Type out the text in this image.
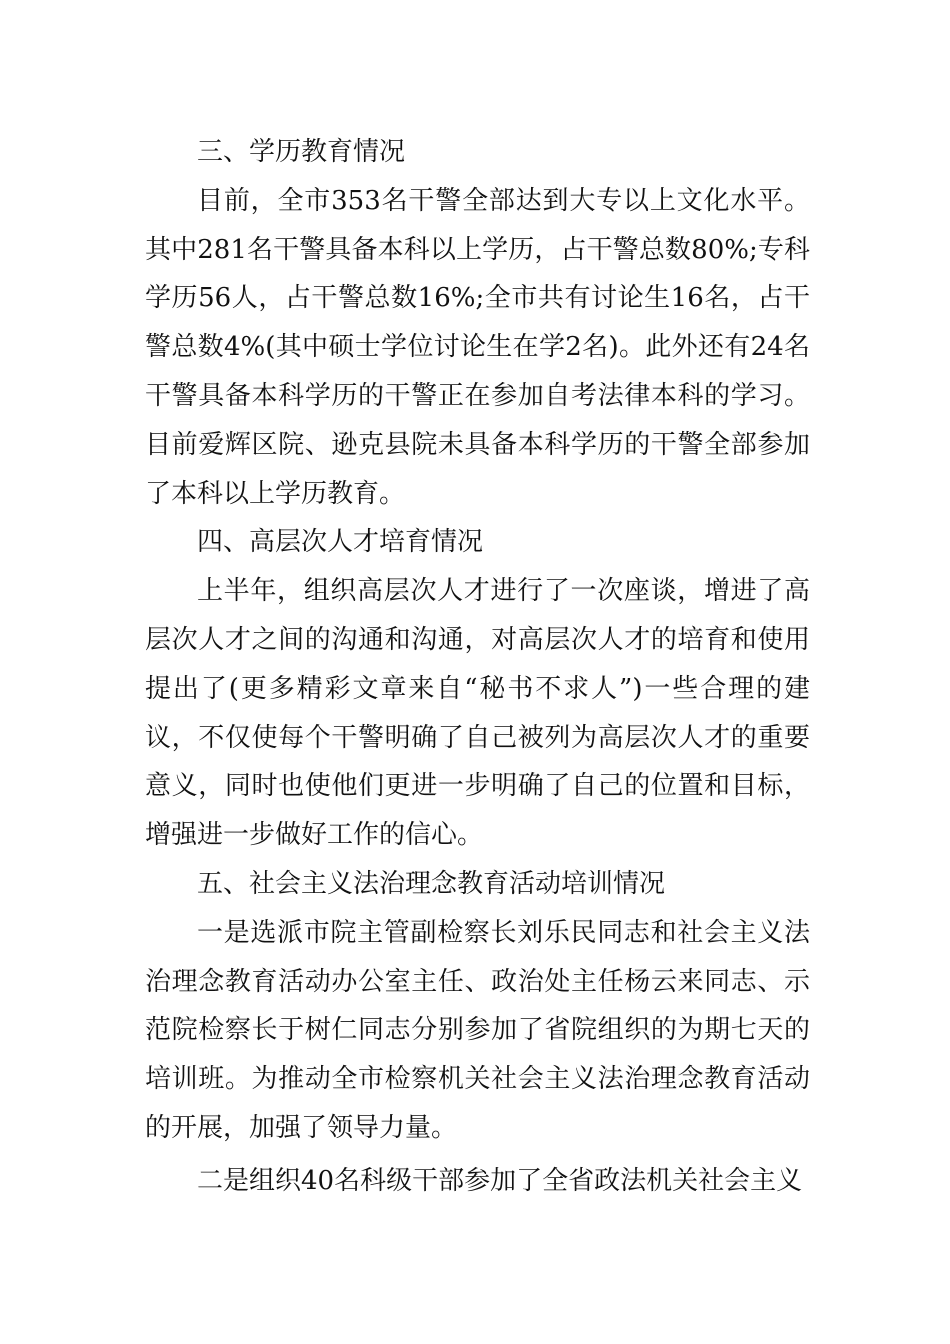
三、学历教育情况

目前，全市353名干警全部达到大专以上文化水平。其中281名干警具备本科以上学历，占干警总数80%;专科学历56人，占干警总数16%;全市共有讨论生16名，占干警总数4%(其中硕士学位讨论生在学2名)。此外还有24名干警具备本科学历的干警正在参加自考法律本科的学习。目前爱辉区院、逊克县院未具备本科学历的干警全部参加了本科以上学历教育。

四、高层次人才培育情况

上半年，组织高层次人才进行了一次座谈，增进了高层次人才之间的沟通和沟通，对高层次人才的培育和使用提出了(更多精彩文章来自“秘书不求人”)一些合理的建议，不仅使每个干警明确了自己被列为高层次人才的重要意义，同时也使他们更进一步明确了自己的位置和目标，增强进一步做好工作的信心。

五、社会主义法治理念教育活动培训情况

一是选派市院主管副检察长刘乐民同志和社会主义法治理念教育活动办公室主任、政治处主任杨云来同志、示范院检察长于树仁同志分别参加了省院组织的为期七天的培训班。为推动全市检察机关社会主义法治理念教育活动的开展，加强了领导力量。

二是组织40名科级干部参加了全省政法机关社会主义
